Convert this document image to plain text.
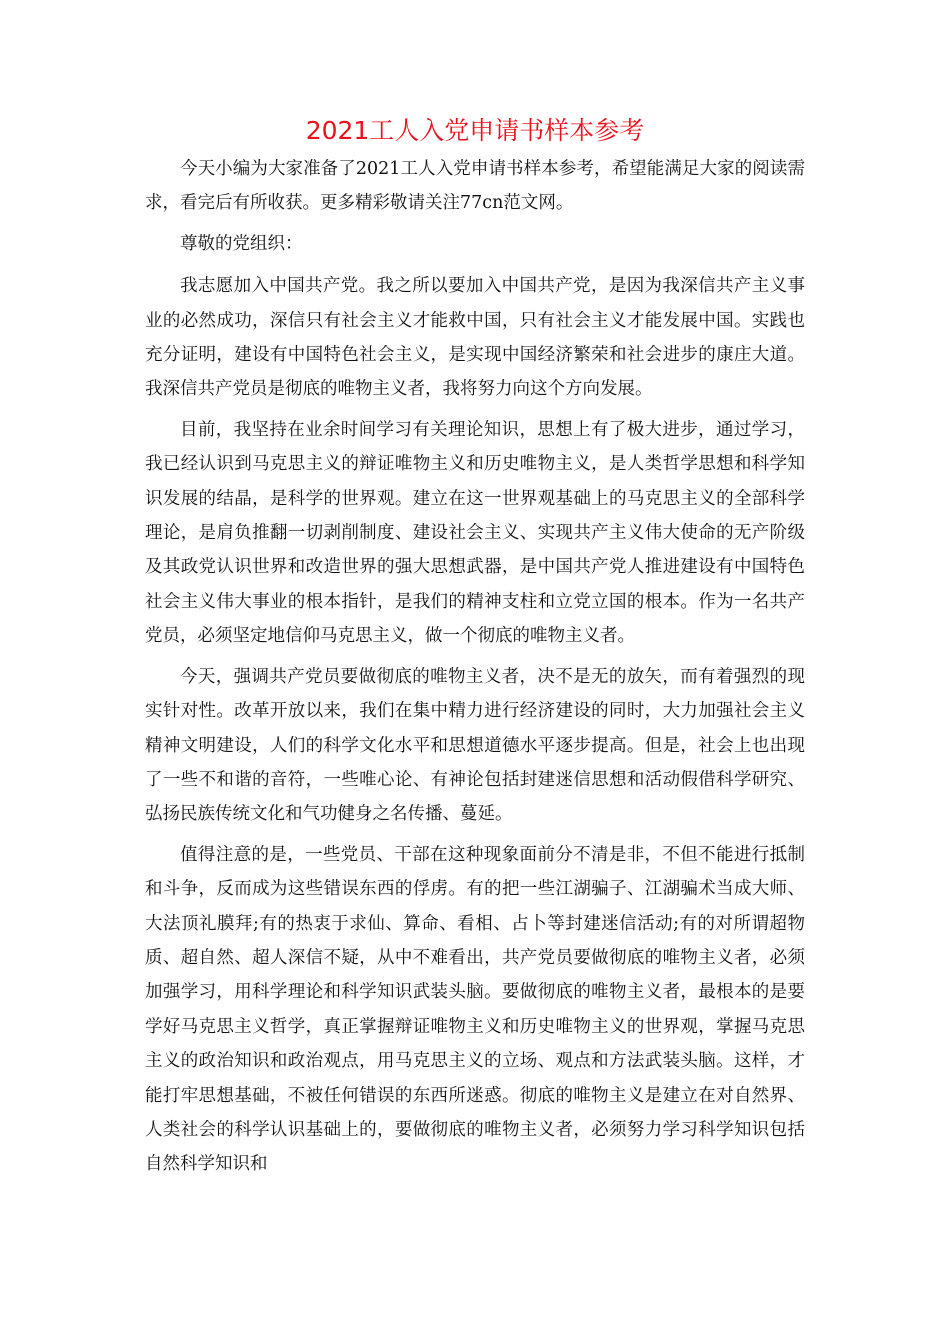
2021工人入党申请书样本参考

今天小编为大家准备了2021工人入党申请书样本参考，希望能满足大家的阅读需求，看完后有所收获。更多精彩敬请关注77cn范文网。

尊敬的党组织：

我志愿加入中国共产党。我之所以要加入中国共产党，是因为我深信共产主义事业的必然成功，深信只有社会主义才能救中国，只有社会主义才能发展中国。实践也充分证明，建设有中国特色社会主义，是实现中国经济繁荣和社会进步的康庄大道。我深信共产党员是彻底的唯物主义者，我将努力向这个方向发展。

目前，我坚持在业余时间学习有关理论知识，思想上有了极大进步，通过学习，我已经认识到马克思主义的辩证唯物主义和历史唯物主义，是人类哲学思想和科学知识发展的结晶，是科学的世界观。建立在这一世界观基础上的马克思主义的全部科学理论，是肩负推翻一切剥削制度、建设社会主义、实现共产主义伟大使命的无产阶级及其政党认识世界和改造世界的强大思想武器，是中国共产党人推进建设有中国特色社会主义伟大事业的根本指针，是我们的精神支柱和立党立国的根本。作为一名共产党员，必须坚定地信仰马克思主义，做一个彻底的唯物主义者。

今天，强调共产党员要做彻底的唯物主义者，决不是无的放矢，而有着强烈的现实针对性。改革开放以来，我们在集中精力进行经济建设的同时，大力加强社会主义精神文明建设，人们的科学文化水平和思想道德水平逐步提高。但是，社会上也出现了一些不和谐的音符，一些唯心论、有神论包括封建迷信思想和活动假借科学研究、弘扬民族传统文化和气功健身之名传播、蔓延。

值得注意的是，一些党员、干部在这种现象面前分不清是非，不但不能进行抵制和斗争，反而成为这些错误东西的俘虏。有的把一些江湖骗子、江湖骗术当成大师、大法顶礼膜拜;有的热衷于求仙、算命、看相、占卜等封建迷信活动;有的对所谓超物质、超自然、超人深信不疑，从中不难看出，共产党员要做彻底的唯物主义者，必须加强学习，用科学理论和科学知识武装头脑。要做彻底的唯物主义者，最根本的是要学好马克思主义哲学，真正掌握辩证唯物主义和历史唯物主义的世界观，掌握马克思主义的政治知识和政治观点，用马克思主义的立场、观点和方法武装头脑。这样，才能打牢思想基础，不被任何错误的东西所迷惑。彻底的唯物主义是建立在对自然界、人类社会的科学认识基础上的，要做彻底的唯物主义者，必须努力学习科学知识包括自然科学知识和
